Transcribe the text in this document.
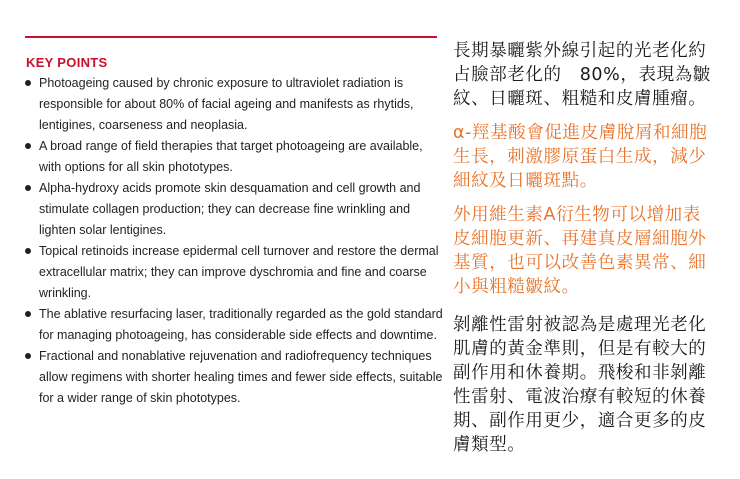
KEY POINTS
Photoageing caused by chronic exposure to ultraviolet radiation is responsible for about 80% of facial ageing and manifests as rhytids, lentigines, coarseness and neoplasia.
A broad range of field therapies that target photoageing are available, with options for all skin phototypes.
Alpha-hydroxy acids promote skin desquamation and cell growth and stimulate collagen production; they can decrease fine wrinkling and lighten solar lentigines.
Topical retinoids increase epidermal cell turnover and restore the dermal extracellular matrix; they can improve dyschromia and fine and coarse wrinkling.
The ablative resurfacing laser, traditionally regarded as the gold standard for managing photoageing, has considerable side effects and downtime.
Fractional and nonablative rejuvenation and radiofrequency techniques allow regimens with shorter healing times and fewer side effects, suitable for a wider range of skin phototypes.

長期暴曬紫外線引起的光老化約
占臉部老化的　80%，表現為皺
紋、日曬斑、粗糙和皮膚腫瘤。

α-羥基酸會促進皮膚脫屑和細胞
生長，刺激膠原蛋白生成，減少
細紋及日曬斑點。

外用維生素A衍生物可以增加表
皮細胞更新、再建真皮層細胞外
基質，也可以改善色素異常、細
小與粗糙皺紋。

剝離性雷射被認為是處理光老化
肌膚的黃金準則，但是有較大的
副作用和休養期。飛梭和非剝離
性雷射、電波治療有較短的休養
期、副作用更少，適合更多的皮
膚類型。
